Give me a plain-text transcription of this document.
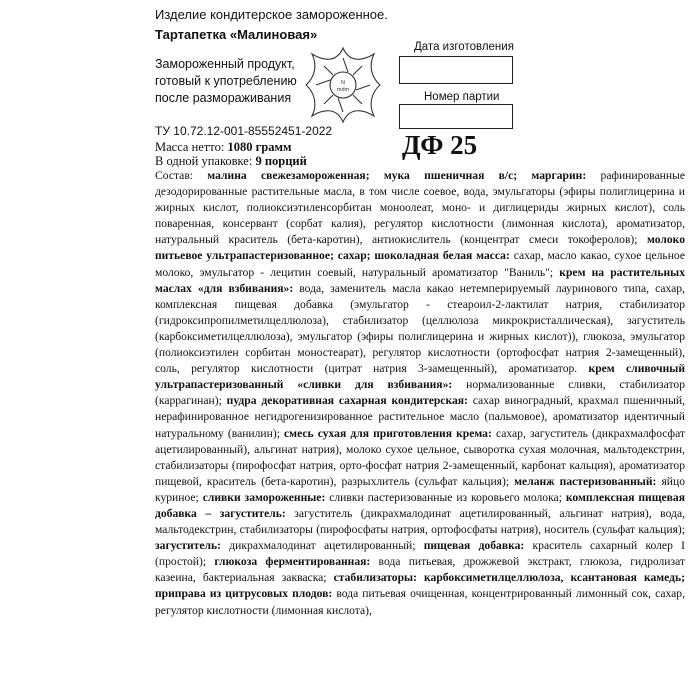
Изделие кондитерское замороженное.
Тартапетка «Малиновая»
Замороженный продукт, готовый к употреблению после размораживания
N
mdm
Дата изготовления
Номер партии
ТУ 10.72.12-001-85552451-2022
Масса нетто: 1080 грамм
В одной упаковке: 9 порций
ДФ 25
Состав: малина свежезамороженная; мука пшеничная в/с; маргарин: рафинированные дезодорированные растительные масла, в том числе соевое, вода, эмульгаторы (эфиры полиглицерина и жирных кислот, полиоксиэтиленсорбитан моноолеат, моно- и диглицериды жирных кислот), соль поваренная, консервант (сорбат калия), регулятор кислотности (лимонная кислота), ароматизатор, натуральный краситель (бета-каротин), антиокислитель (концентрат смеси токоферолов); молоко питьевое ультрапастеризованное; сахар; шоколадная белая масса: сахар, масло какао, сухое цельное молоко, эмульгатор - лецитин соевый, натуральный ароматизатор "Ваниль"; крем на растительных маслах «для взбивания»: вода, заменитель масла какао нетемперируемый лауринового типа, сахар, комплексная пищевая добавка (эмульгатор - стеароил-2-лактилат натрия, стабилизатор (гидроксипропилметилцеллюлоза), стабилизатор (целлюлоза микрокристаллическая), загуститель (карбоксиметилцеллюлоза), эмульгатор (эфиры полиглицерина и жирных кислот)), глюкоза, эмульгатор (полиоксиэтилен сорбитан моностеарат), регулятор кислотности (ортофосфат натрия 2-замещенный), соль, регулятор кислотности (цитрат натрия 3-замещенный), ароматизатор. крем сливочный ультрапастеризованный «сливки для взбивания»: нормализованные сливки, стабилизатор (каррагинан); пудра декоративная сахарная кондитерская: сахар виноградный, крахмал пшеничный, нерафинированное негидрогенизированное растительное масло (пальмовое), ароматизатор идентичный натуральному (ванилин); смесь сухая для приготовления крема: сахар, загуститель (дикрахмалфосфат ацетилированный), альгинат натрия), молоко сухое цельное, сыворотка сухая молочная, мальтодекстрин, стабилизаторы (пирофосфат натрия, орто-фосфат натрия 2-замещенный, карбонат кальция), ароматизатор пищевой, краситель (бета-каротин), разрыхлитель (сульфат кальция); меланж пастеризованный: яйцо куриное; сливки замороженные: сливки пастеризованные из коровьего молока; комплексная пищевая добавка – загуститель: загуститель (дикрахмалодинат ацетилированный, альгинат натрия), вода, мальтодекстрин, стабилизаторы (пирофосфаты натрия, ортофосфаты натрия), носитель (сульфат кальция); загуститель: дикрахмалодинат ацетилированный; пищевая добавка: краситель сахарный колер I (простой); глюкоза ферментированная: вода питьевая, дрожжевой экстракт, глюкоза, гидролизат казеина, бактериальная закваска; стабилизаторы: карбоксиметилцеллюлоза, ксантановая камедь; приправа из цитрусовых плодов: вода питьевая очищенная, концентрированный лимонный сок, сахар, регулятор кислотности (лимонная кислота),
